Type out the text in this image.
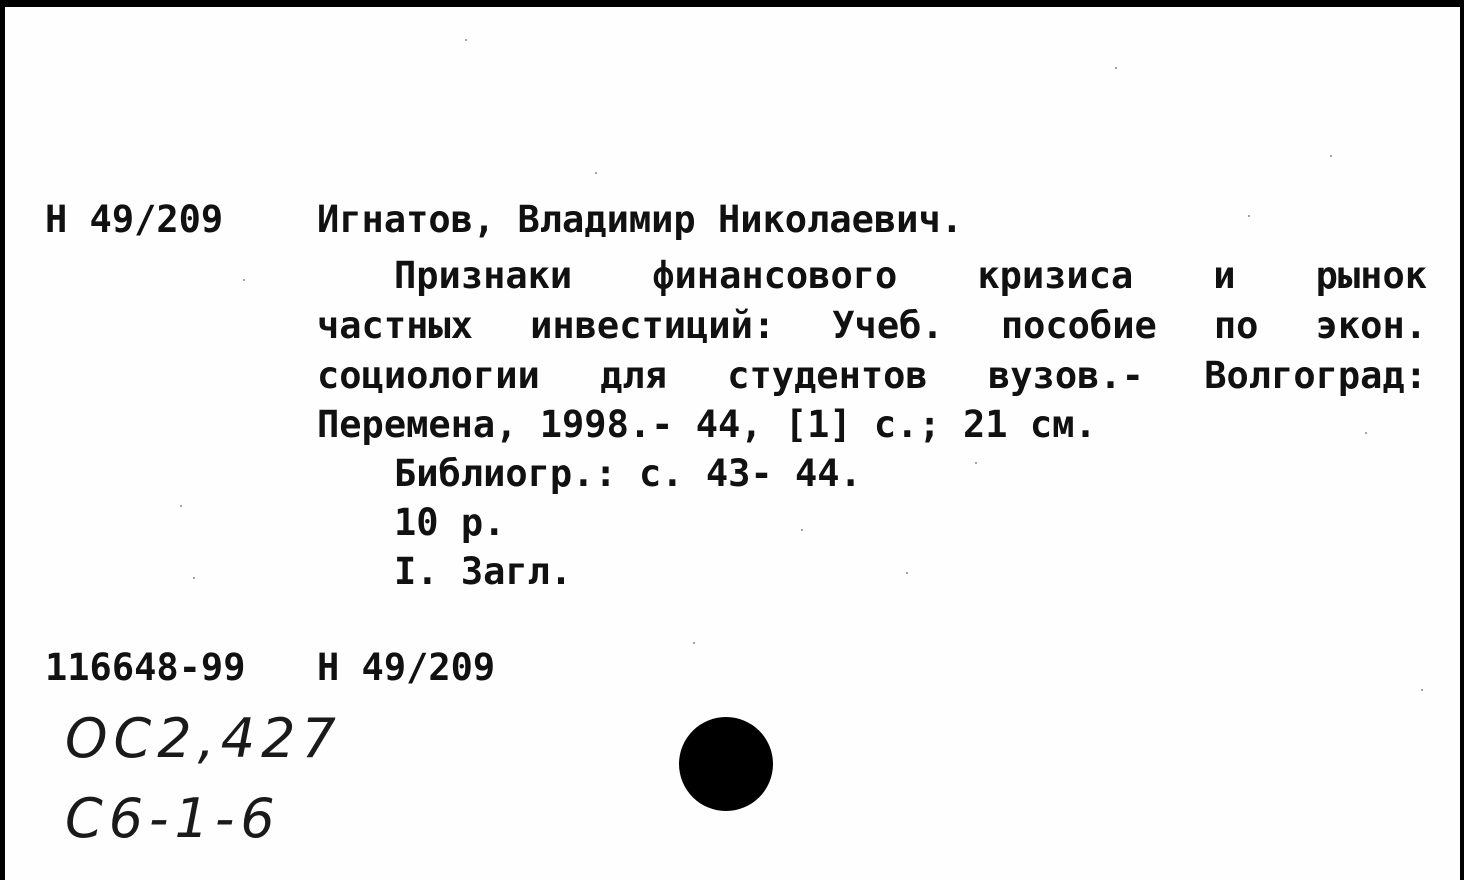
Н 49/209	Игнатов, Владимир Николаевич.
Признаки финансового кризиса и рынок
частных инвестиций: Учеб. пособие по экон.
социологии для студентов вузов.- Волгоград:
Перемена, 1998.- 44, [1] с.; 21 см.
Библиогр.: с. 43- 44.
10 р.
I. Загл.
116648-99 Н 49/209
ОС2,427
С6-1-6
